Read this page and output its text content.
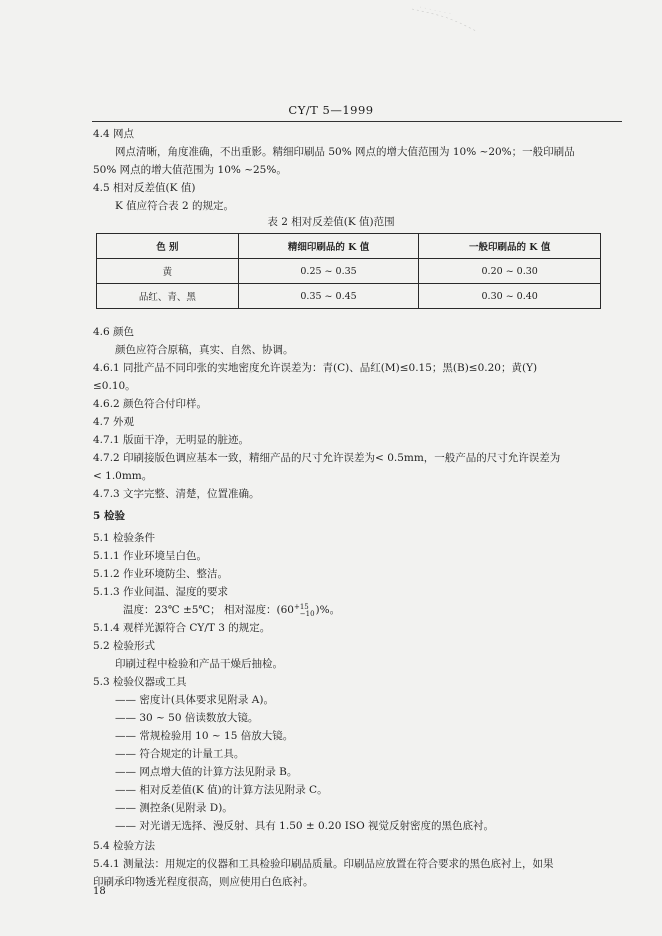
CY/T 5—1999
4.4 网点
网点清晰，角度准确，不出重影。精细印刷品 50% 网点的增大值范围为 10% ~20%；一般印刷品
50% 网点的增大值范围为 10% ~25%。
4.5 相对反差值(K 值)
K 值应符合表 2 的规定。
4.6 颜色
颜色应符合原稿，真实、自然、协调。
4.6.1 同批产品不同印张的实地密度允许误差为：青(C)、品红(M)≤0.15；黑(B)≤0.20；黄(Y)
≤0.10。
4.6.2 颜色符合付印样。
4.7 外观
4.7.1 版面干净，无明显的脏迹。
4.7.2 印刷接版色调应基本一致，精细产品的尺寸允许误差为< 0.5mm，一般产品的尺寸允许误差为
< 1.0mm。
4.7.3 文字完整、清楚，位置准确。
5 检验
5.1 检验条件
5.1.1 作业环境呈白色。
5.1.2 作业环境防尘、整洁。
5.1.3 作业间温、湿度的要求
5.1.4 观样光源符合 CY/T 3 的规定。
5.2 检验形式
印刷过程中检验和产品干燥后抽检。
5.3 检验仪器或工具
—— 密度计(具体要求见附录 A)。
—— 30 ~ 50 倍读数放大镜。
—— 常规检验用 10 ~ 15 倍放大镜。
—— 符合规定的计量工具。
—— 网点增大值的计算方法见附录 B。
—— 相对反差值(K 值)的计算方法见附录 C。
—— 测控条(见附录 D)。
—— 对光谱无选择、漫反射、具有 1.50 ± 0.20 ISO 视觉反射密度的黑色底衬。
5.4 检验方法
5.4.1 测量法：用规定的仪器和工具检验印刷品质量。印刷品应放置在符合要求的黑色底衬上，如果
印刷承印物透光程度很高，则应使用白色底衬。
温度：23℃ ±5℃； 相对湿度：$(60^{+15}_{-10})\%$。
表 2 相对反差值(K 值)范围
色 别	精细印刷品的 K 值	一般印刷品的 K 值
黄	0.25 ~ 0.35	0.20 ~ 0.30
品红、青、黑	0.35 ~ 0.45	0.30 ~ 0.40
18
